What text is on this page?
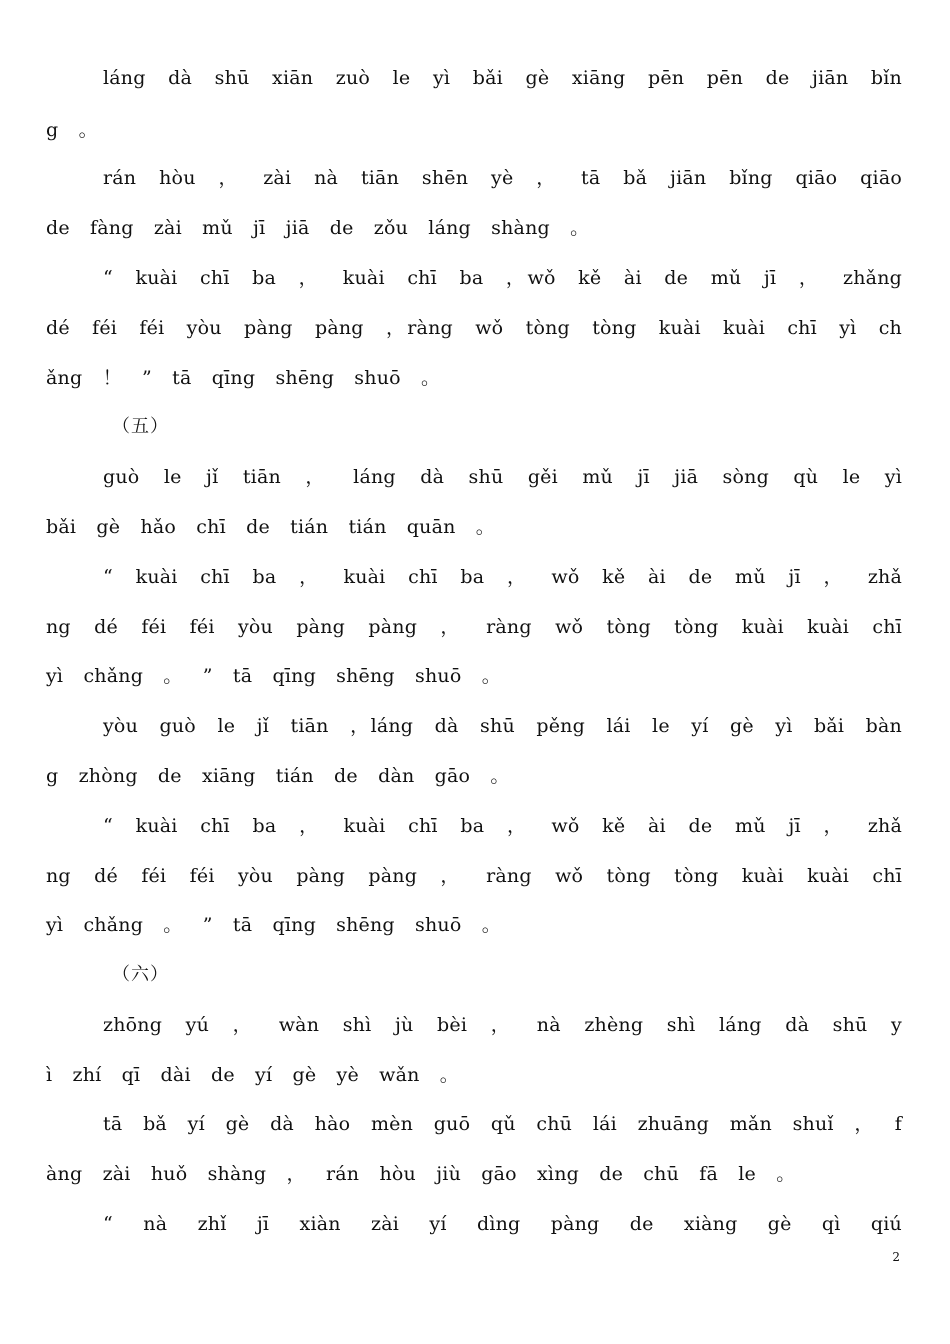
láng dà shū xiān zuò le yì bǎi gè xiāng pēn pēn de jiān bǐn
g 。
rán hòu ， zài nà tiān shēn yè ， tā bǎ jiān bǐng qiāo qiāo
de fàng zài mǔ jī jiā de zǒu láng shàng 。
“ kuài chī ba ， kuài chī ba ，wǒ kě ài de mǔ jī ， zhǎng
dé féi féi yòu pàng pàng ，ràng wǒ tòng tòng kuài kuài chī yì ch
ǎng ！ ” tā qīng shēng shuō 。
（五）
guò le jǐ tiān ， láng dà shū gěi mǔ jī jiā sòng qù le yì
bǎi gè hǎo chī de tián tián quān 。
“ kuài chī ba ， kuài chī ba ， wǒ kě ài de mǔ jī ， zhǎ
ng dé féi féi yòu pàng pàng ， ràng wǒ tòng tòng kuài kuài chī
yì chǎng 。 ” tā qīng shēng shuō 。
yòu guò le jǐ tiān ，láng dà shū pěng lái le yí gè yì bǎi bàn
g zhòng de xiāng tián de dàn gāo 。
“ kuài chī ba ， kuài chī ba ， wǒ kě ài de mǔ jī ， zhǎ
ng dé féi féi yòu pàng pàng ， ràng wǒ tòng tòng kuài kuài chī
yì chǎng 。 ” tā qīng shēng shuō 。
（六）
zhōng yú ， wàn shì jù bèi ， nà zhèng shì láng dà shū y
ì zhí qī dài de yí gè yè wǎn 。
tā bǎ yí gè dà hào mèn guō qǔ chū lái zhuāng mǎn shuǐ ， f
àng zài huǒ shàng ， rán hòu jiù gāo xìng de chū fā le 。
“ nà zhǐ jī xiàn zài yí dìng pàng de xiàng gè qì qiú
2
